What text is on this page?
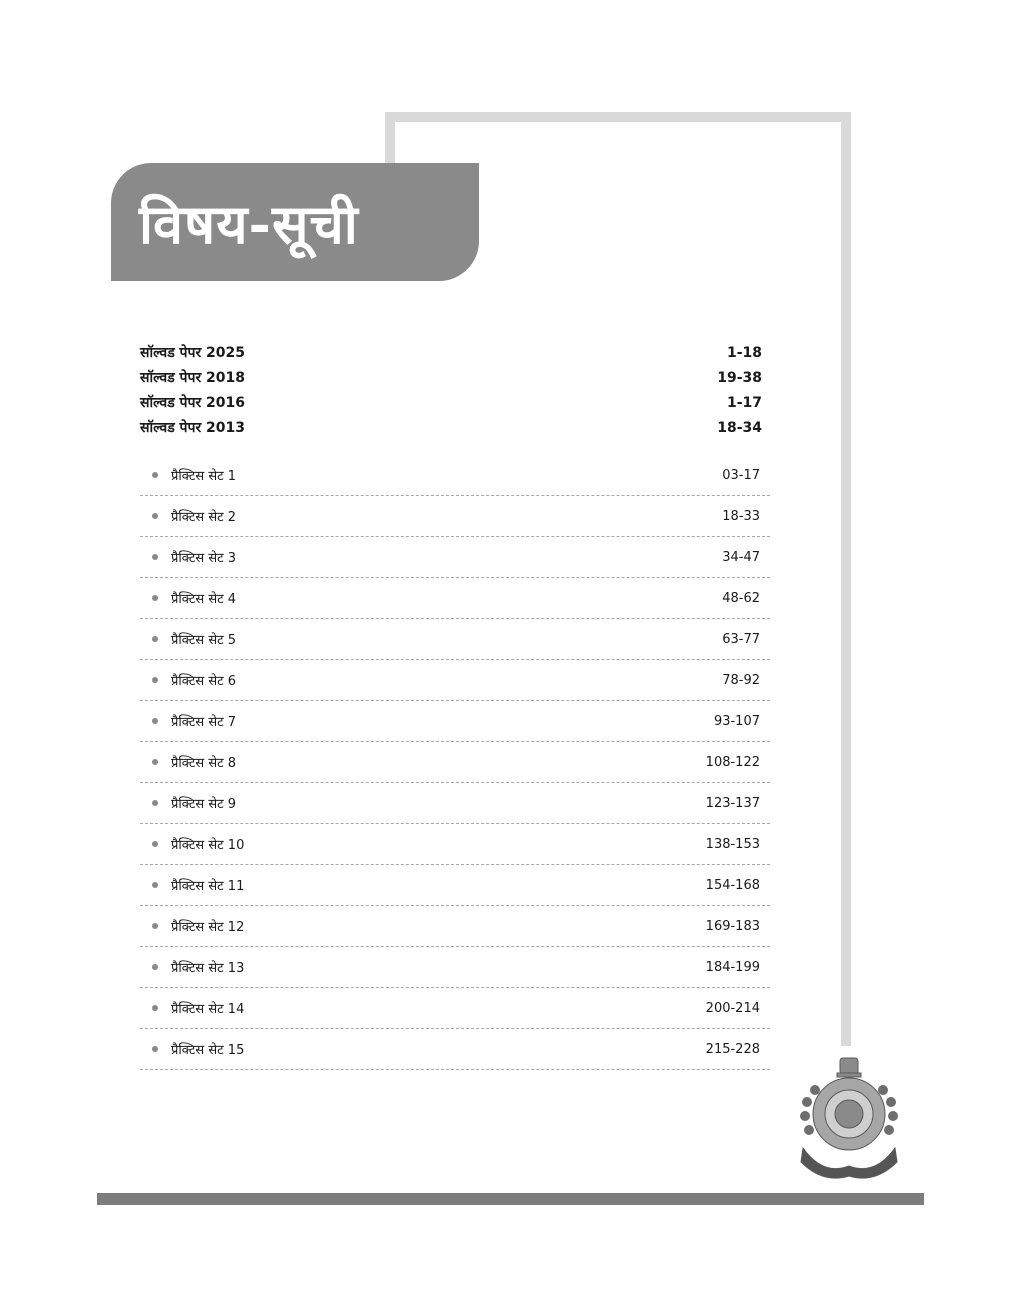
विषय-सूची
सॉल्वड पेपर 2025	1-18
सॉल्वड पेपर 2018	19-38
सॉल्वड पेपर 2016	1-17
सॉल्वड पेपर 2013	18-34
प्रैक्टिस सेट 1	03-17
प्रैक्टिस सेट 2	18-33
प्रैक्टिस सेट 3	34-47
प्रैक्टिस सेट 4	48-62
प्रैक्टिस सेट 5	63-77
प्रैक्टिस सेट 6	78-92
प्रैक्टिस सेट 7	93-107
प्रैक्टिस सेट 8	108-122
प्रैक्टिस सेट 9	123-137
प्रैक्टिस सेट 10	138-153
प्रैक्टिस सेट 11	154-168
प्रैक्टिस सेट 12	169-183
प्रैक्टिस सेट 13	184-199
प्रैक्टिस सेट 14	200-214
प्रैक्टिस सेट 15	215-228
